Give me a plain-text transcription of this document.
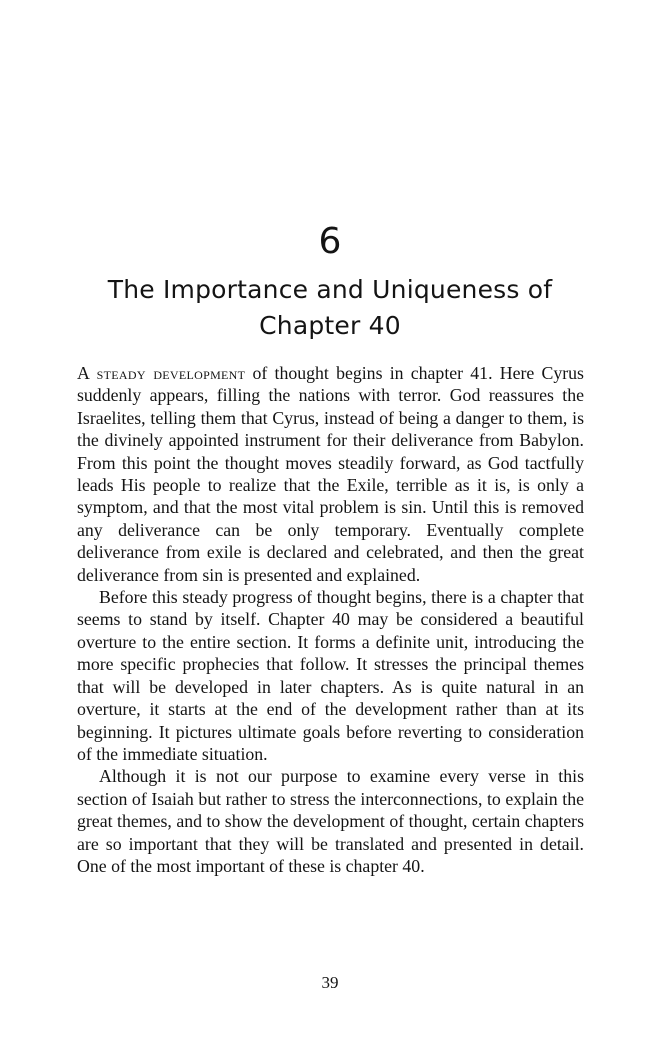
6
The Importance and Uniqueness of Chapter 40

A steady development of thought begins in chapter 41. Here Cyrus suddenly appears, filling the nations with terror. God reassures the Israelites, telling them that Cyrus, instead of being a danger to them, is the divinely appointed instrument for their deliverance from Babylon. From this point the thought moves steadily forward, as God tactfully leads His people to realize that the Exile, terrible as it is, is only a symptom, and that the most vital problem is sin. Until this is removed any deliverance can be only temporary. Eventually complete deliverance from exile is declared and celebrated, and then the great deliverance from sin is presented and explained.

Before this steady progress of thought begins, there is a chapter that seems to stand by itself. Chapter 40 may be considered a beautiful overture to the entire section. It forms a definite unit, introducing the more specific prophecies that follow. It stresses the principal themes that will be developed in later chapters. As is quite natural in an overture, it starts at the end of the development rather than at its beginning. It pictures ultimate goals before reverting to consideration of the immediate situation.

Although it is not our purpose to examine every verse in this section of Isaiah but rather to stress the interconnections, to explain the great themes, and to show the development of thought, certain chapters are so important that they will be translated and presented in detail. One of the most important of these is chapter 40.

39
